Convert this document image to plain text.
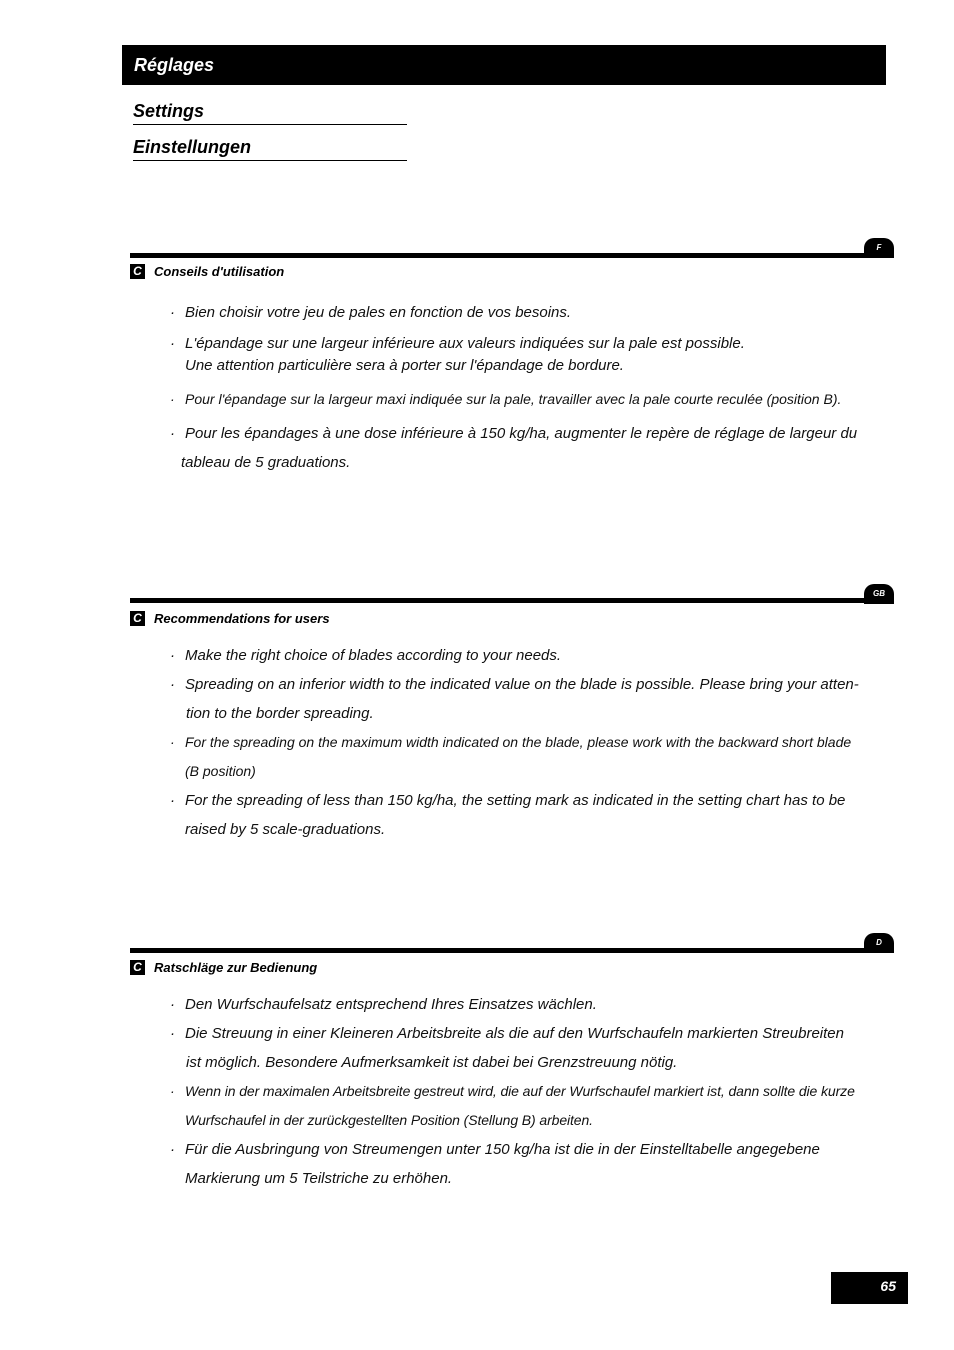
Réglages
Settings
Einstellungen
F
C Conseils d'utilisation
· Bien choisir votre jeu de pales en fonction de vos besoins.
· L'épandage sur une largeur inférieure aux valeurs indiquées sur la pale est possible.
Une attention particulière sera à porter sur l'épandage de bordure.
· Pour l'épandage sur la largeur maxi indiquée sur la pale, travailler avec la pale courte reculée (position B).
· Pour les épandages à une dose inférieure à 150 kg/ha, augmenter le repère de réglage de largeur du
tableau de 5 graduations.
GB
C Recommendations for users
· Make the right choice of blades according to your needs.
· Spreading on an inferior width to the indicated value on the blade is possible. Please bring your atten-
tion to the border spreading.
· For the spreading on the maximum width indicated on the blade, please work with the backward short blade
(B position)
· For the spreading of less than 150 kg/ha, the setting mark as indicated in the setting chart has to be
raised by 5 scale-graduations.
D
C Ratschläge zur Bedienung
· Den Wurfschaufelsatz entsprechend Ihres Einsatzes wächlen.
· Die Streuung in einer Kleineren Arbeitsbreite als die auf den Wurfschaufeln markierten Streubreiten
ist möglich. Besondere Aufmerksamkeit ist dabei bei Grenzstreuung nötig.
· Wenn in der maximalen Arbeitsbreite gestreut wird, die auf der Wurfschaufel markiert ist, dann sollte die kurze
Wurfschaufel in der zurückgestellten Position (Stellung B) arbeiten.
· Für die Ausbringung von Streumengen unter 150 kg/ha ist die in der Einstelltabelle angegebene
Markierung um 5 Teilstriche zu erhöhen.
65
